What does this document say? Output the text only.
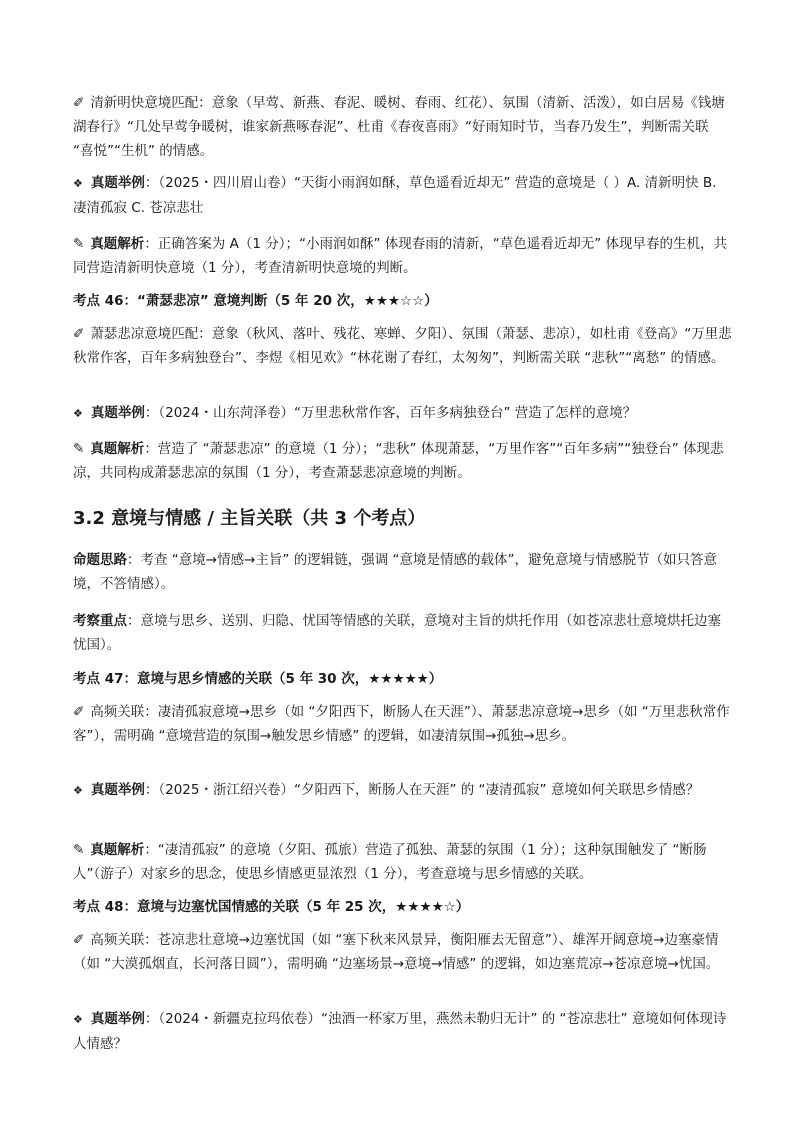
✐ 清新明快意境匹配：意象（早莺、新燕、春泥、暖树、春雨、红花）、氛围（清新、活泼），如白居易《钱塘湖春行》“几处早莺争暖树，谁家新燕啄春泥”、杜甫《春夜喜雨》“好雨知时节，当春乃发生”，判断需关联 “喜悦”“生机” 的情感。

❖ 真题举例：（2025・四川眉山卷）“天街小雨润如酥，草色遥看近却无” 营造的意境是（ ）A. 清新明快 B. 凄清孤寂 C. 苍凉悲壮

✎ 真题解析：正确答案为 A（1 分）；“小雨润如酥” 体现春雨的清新，“草色遥看近却无” 体现早春的生机，共同营造清新明快意境（1 分），考查清新明快意境的判断。

考点 46：“萧瑟悲凉” 意境判断（5 年 20 次，★★★☆☆）

✐ 萧瑟悲凉意境匹配：意象（秋风、落叶、残花、寒蝉、夕阳）、氛围（萧瑟、悲凉），如杜甫《登高》“万里悲秋常作客，百年多病独登台”、李煜《相见欢》“林花谢了春红，太匆匆”，判断需关联 “悲秋”“离愁” 的情感。

❖ 真题举例：（2024・山东菏泽卷）“万里悲秋常作客，百年多病独登台” 营造了怎样的意境？

✎ 真题解析：营造了 “萧瑟悲凉” 的意境（1 分）；“悲秋” 体现萧瑟，“万里作客”“百年多病”“独登台” 体现悲凉，共同构成萧瑟悲凉的氛围（1 分），考查萧瑟悲凉意境的判断。

3.2 意境与情感 / 主旨关联（共 3 个考点）

命题思路：考查 “意境→情感→主旨” 的逻辑链，强调 “意境是情感的载体”，避免意境与情感脱节（如只答意境，不答情感）。

考察重点：意境与思乡、送别、归隐、忧国等情感的关联，意境对主旨的烘托作用（如苍凉悲壮意境烘托边塞忧国）。

考点 47：意境与思乡情感的关联（5 年 30 次，★★★★★）

✐ 高频关联：凄清孤寂意境→思乡（如 “夕阳西下，断肠人在天涯”）、萧瑟悲凉意境→思乡（如 “万里悲秋常作客”），需明确 “意境营造的氛围→触发思乡情感” 的逻辑，如凄清氛围→孤独→思乡。

❖ 真题举例：（2025・浙江绍兴卷）“夕阳西下，断肠人在天涯” 的 “凄清孤寂” 意境如何关联思乡情感？

✎ 真题解析：“凄清孤寂” 的意境（夕阳、孤旅）营造了孤独、萧瑟的氛围（1 分）；这种氛围触发了 “断肠人”（游子）对家乡的思念，使思乡情感更显浓烈（1 分），考查意境与思乡情感的关联。

考点 48：意境与边塞忧国情感的关联（5 年 25 次，★★★★☆）

✐ 高频关联：苍凉悲壮意境→边塞忧国（如 “塞下秋来风景异，衡阳雁去无留意”）、雄浑开阔意境→边塞豪情（如 “大漠孤烟直，长河落日圆”），需明确 “边塞场景→意境→情感” 的逻辑，如边塞荒凉→苍凉意境→忧国。

❖ 真题举例：（2024・新疆克拉玛依卷）“浊酒一杯家万里，燕然未勒归无计” 的 “苍凉悲壮” 意境如何体现诗人情感？
